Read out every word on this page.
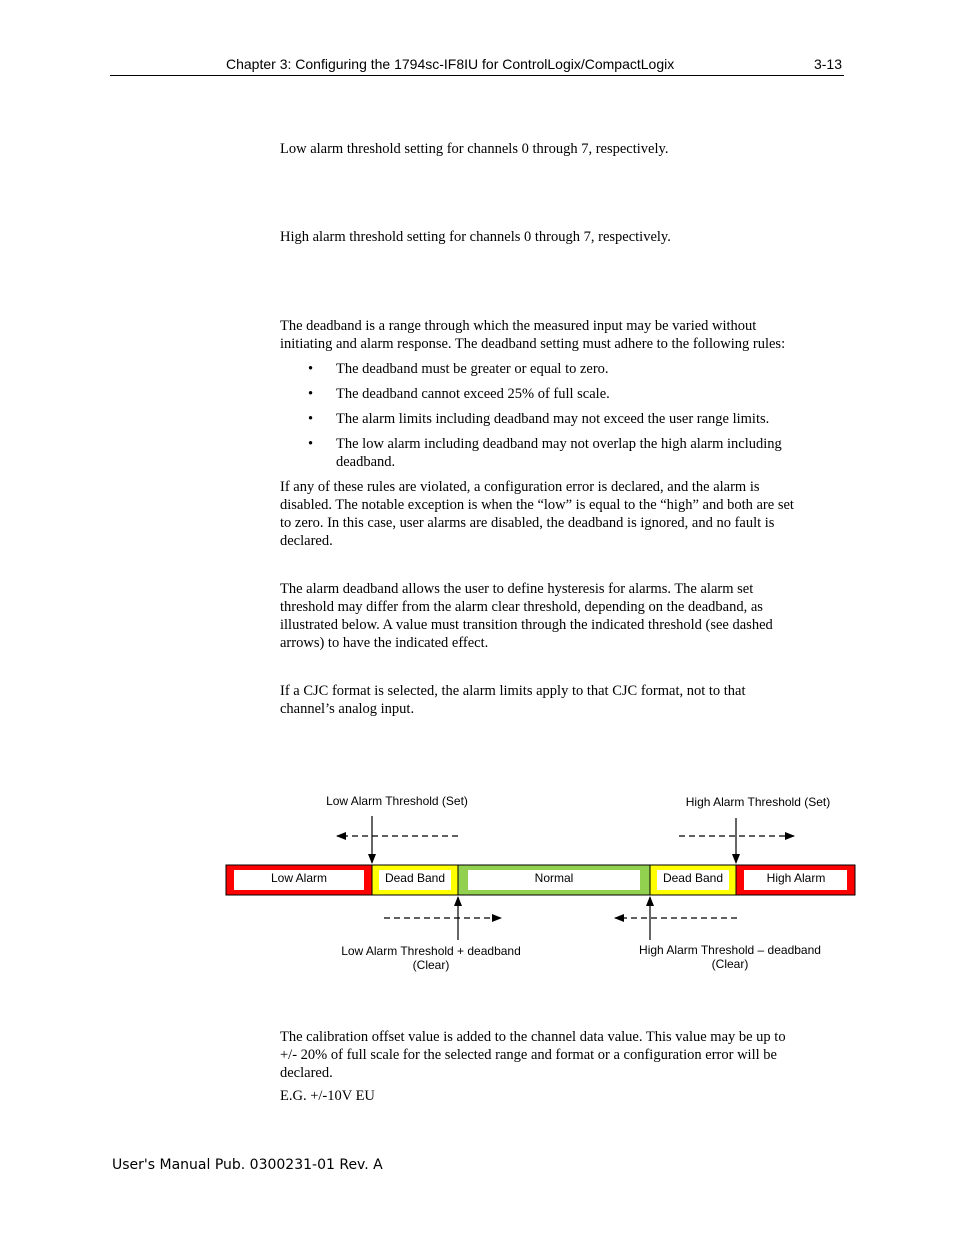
Chapter 3: Configuring the 1794sc-IF8IU for ControlLogix/CompactLogix	3-13

Low alarm threshold setting for channels 0 through 7, respectively.

High alarm threshold setting for channels 0 through 7, respectively.

The deadband is a range through which the measured input may be varied without

initiating and alarm response. The deadband setting must adhere to the following rules:

• The deadband must be greater or equal to zero.
• The deadband cannot exceed 25% of full scale.
• The alarm limits including deadband may not exceed the user range limits.
• The low alarm including deadband may not overlap the high alarm including
deadband.

If any of these rules are violated, a configuration error is declared, and the alarm is

disabled. The notable exception is when the “low” is equal to the “high” and both are set

to zero. In this case, user alarms are disabled, the deadband is ignored, and no fault is

declared.

The alarm deadband allows the user to define hysteresis for alarms. The alarm set

threshold may differ from the alarm clear threshold, depending on the deadband, as

illustrated below. A value must transition through the indicated threshold (see dashed

arrows) to have the indicated effect.

If a CJC format is selected, the alarm limits apply to that CJC format, not to that

channel’s analog input.

Low Alarm	Dead Band	Normal	Dead Band	High Alarm
Low Alarm Threshold (Set)	High Alarm Threshold (Set)
Low Alarm Threshold + deadband
(Clear)
High Alarm Threshold – deadband
(Clear)

The calibration offset value is added to the channel data value. This value may be up to

+/- 20% of full scale for the selected range and format or a configuration error will be

declared.

E.G. +/-10V EU

User's Manual Pub. 0300231-01 Rev. A
